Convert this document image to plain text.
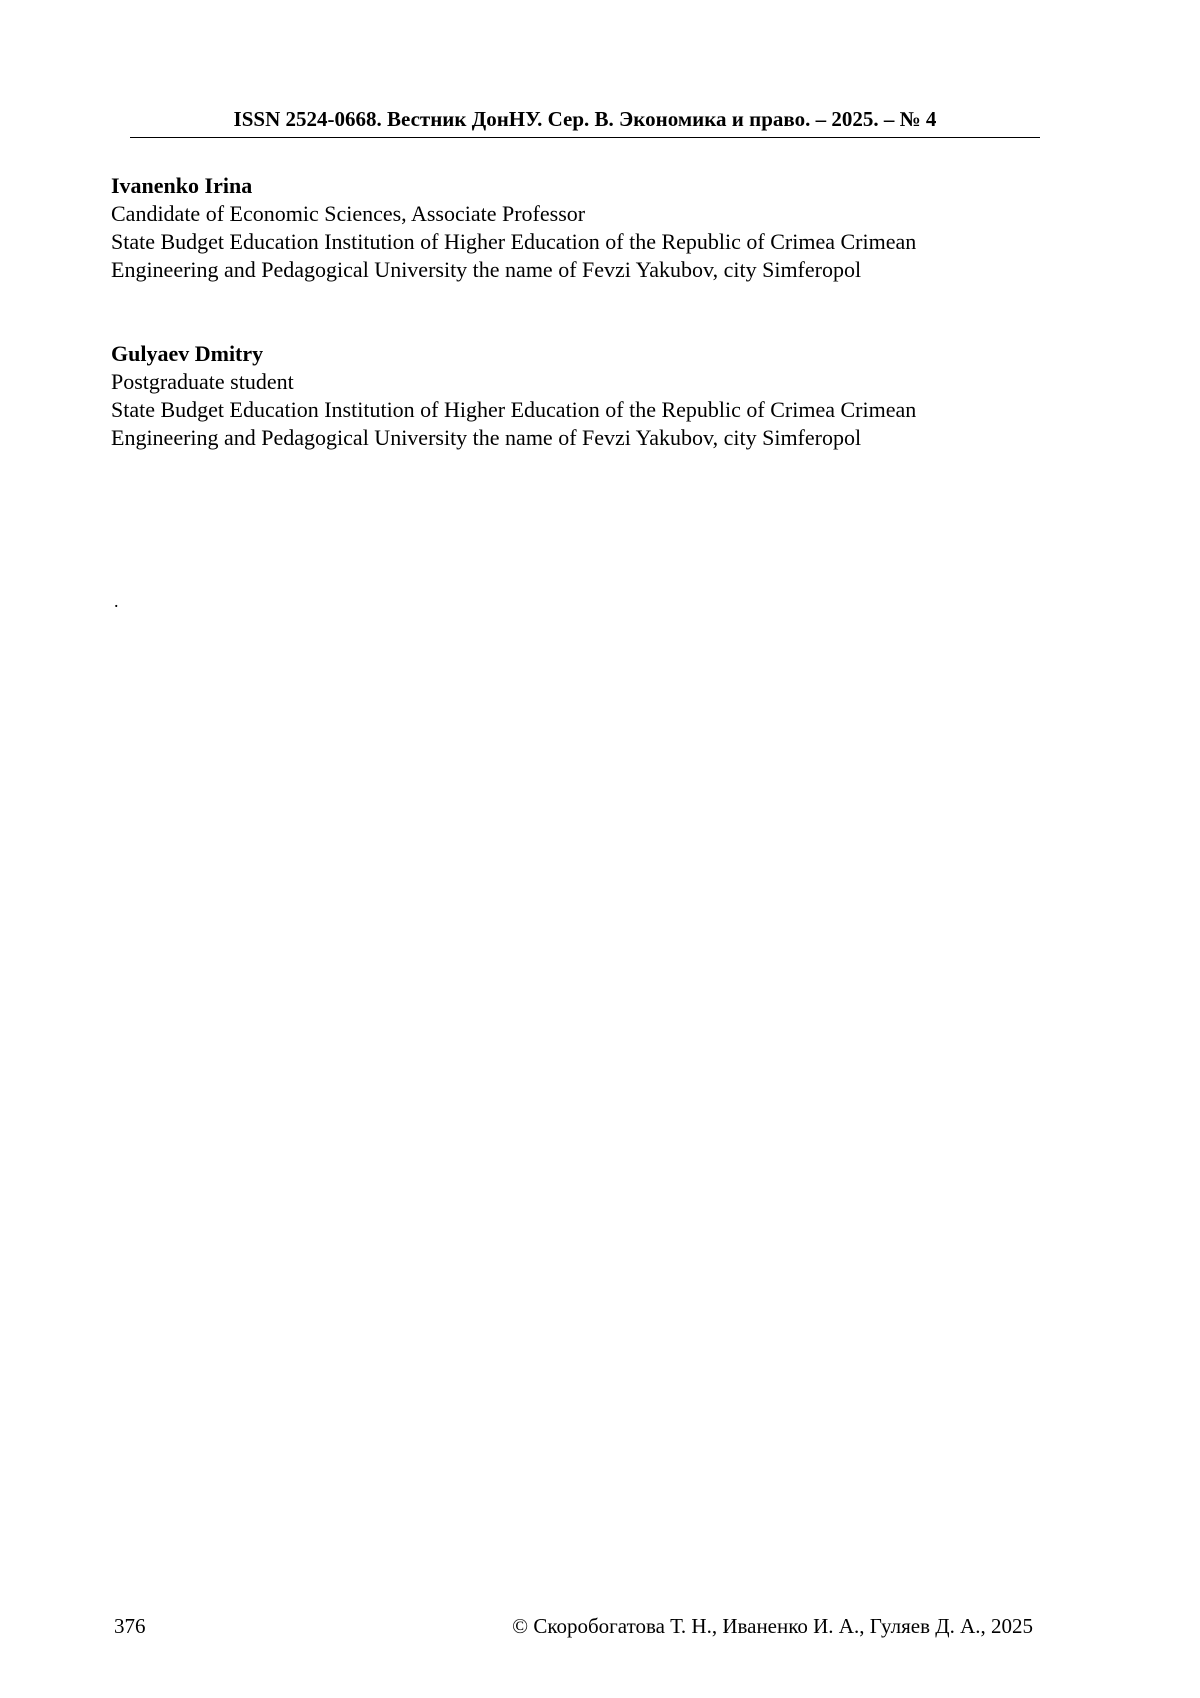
ISSN 2524-0668. Вестник ДонНУ. Сер. В. Экономика и право. – 2025. – № 4
Ivanenko Irina
Candidate of Economic Sciences, Associate Professor
State Budget Education Institution of Higher Education of the Republic of Crimea Crimean
Engineering and Pedagogical University the name of Fevzi Yakubov, city Simferopol
Gulyaev Dmitry
Postgraduate student
State Budget Education Institution of Higher Education of the Republic of Crimea Crimean
Engineering and Pedagogical University the name of Fevzi Yakubov, city Simferopol
.
376	© Скоробогатова Т. Н., Иваненко И. А., Гуляев Д. А., 2025
